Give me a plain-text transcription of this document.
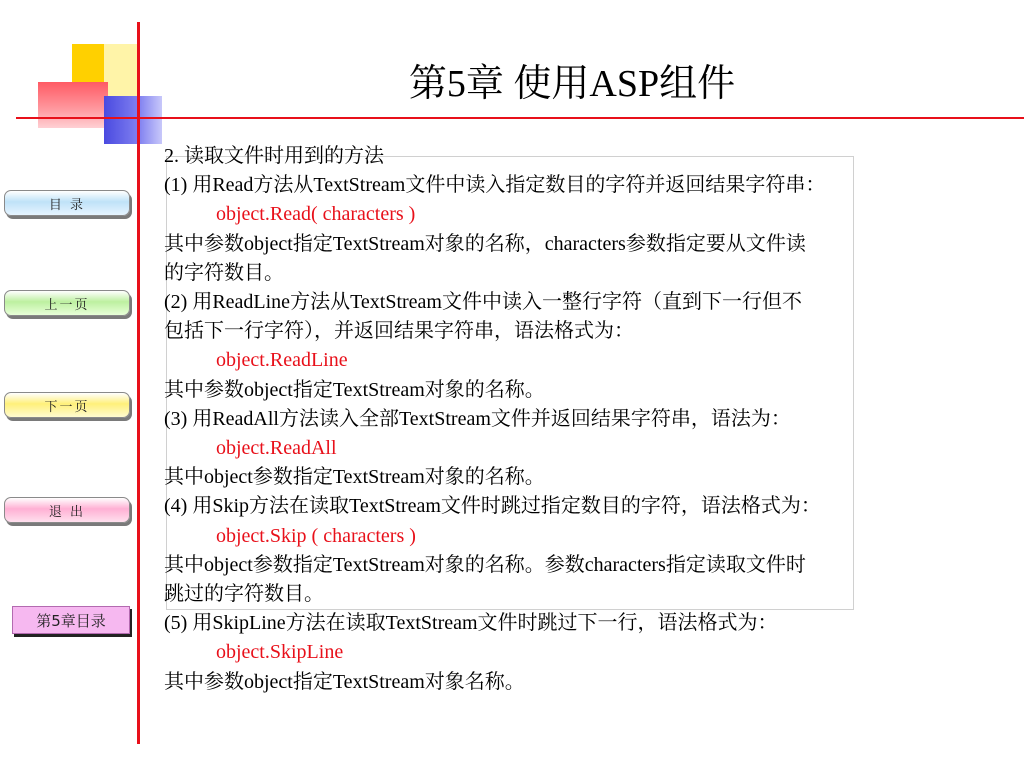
第5章 使用ASP组件
目 录
上一页
下一页
退 出
第5章目录

2. 读取文件时用到的方法

(1) 用Read方法从TextStream文件中读入指定数目的字符并返回结果字符串：

object.Read( characters )

其中参数object指定TextStream对象的名称，characters参数指定要从文件读

的字符数目。

(2) 用ReadLine方法从TextStream文件中读入一整行字符（直到下一行但不

包括下一行字符），并返回结果字符串，语法格式为：

object.ReadLine

其中参数object指定TextStream对象的名称。

(3) 用ReadAll方法读入全部TextStream文件并返回结果字符串，语法为：

object.ReadAll

其中object参数指定TextStream对象的名称。

(4) 用Skip方法在读取TextStream文件时跳过指定数目的字符，语法格式为：

object.Skip ( characters )

其中object参数指定TextStream对象的名称。参数characters指定读取文件时

跳过的字符数目。

(5) 用SkipLine方法在读取TextStream文件时跳过下一行，语法格式为：

object.SkipLine

其中参数object指定TextStream对象名称。
